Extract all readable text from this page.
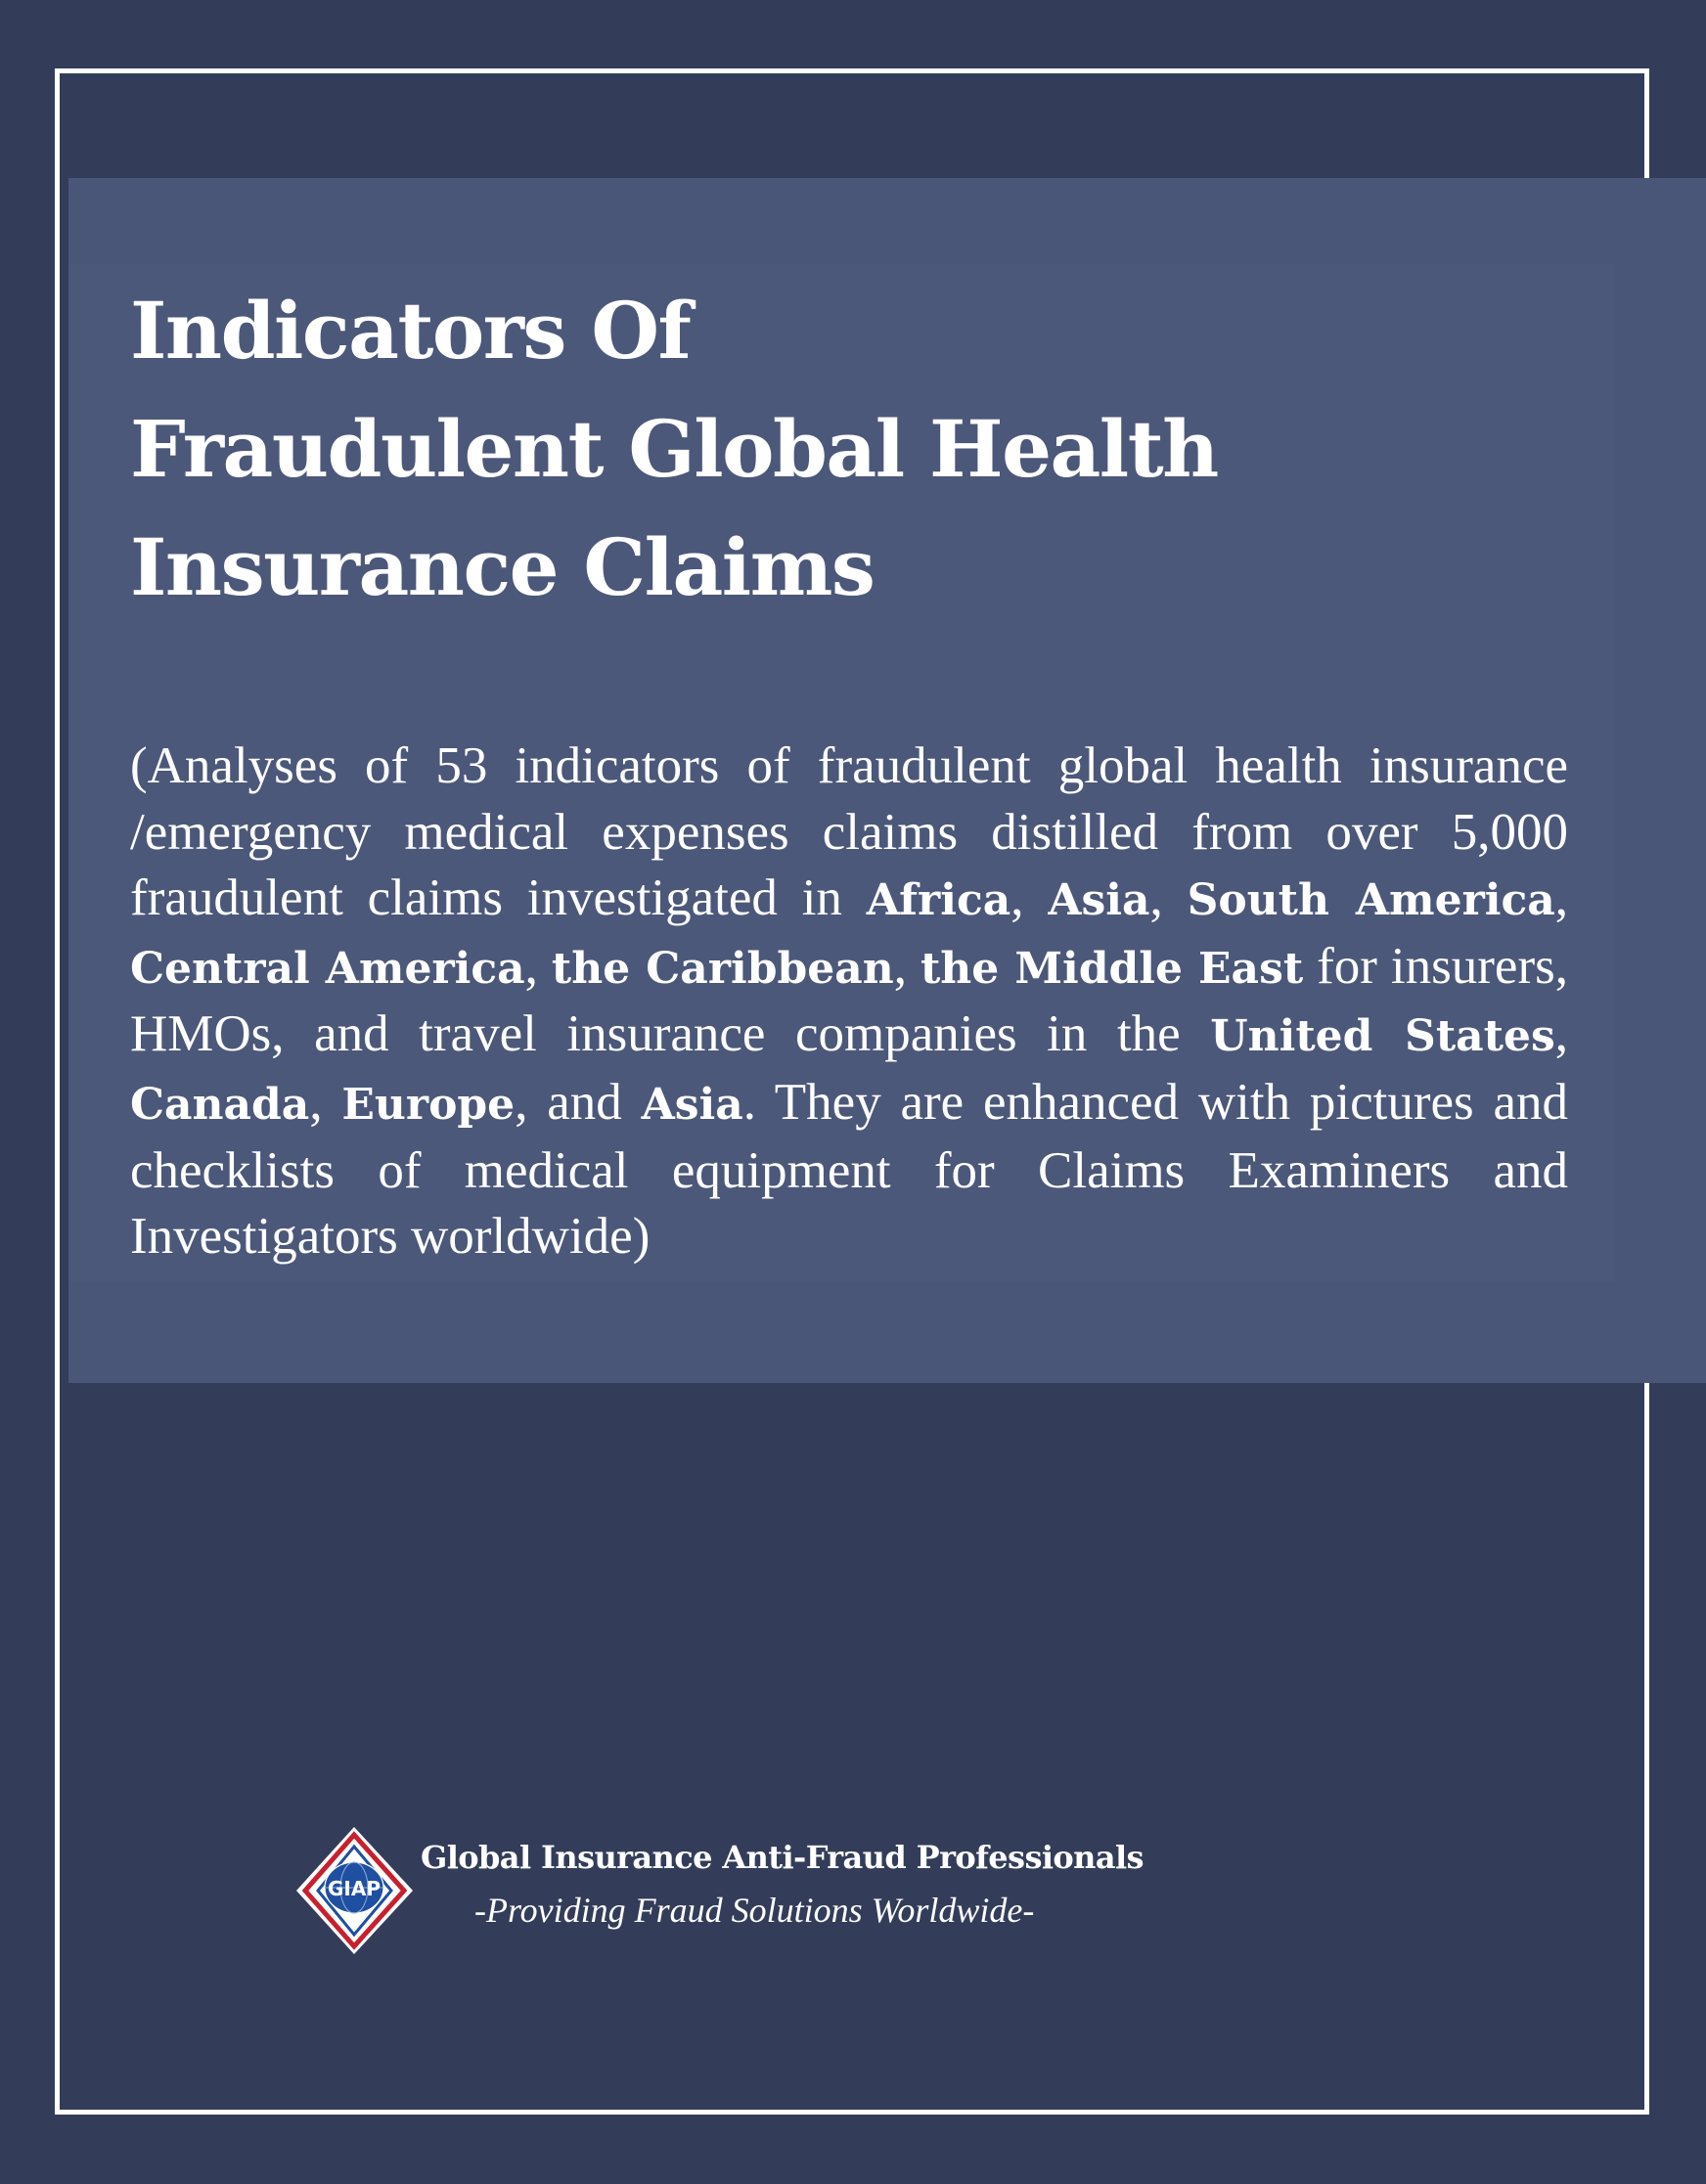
Indicators Of
Fraudulent Global Health
Insurance Claims

(Analyses of 53 indicators of fraudulent global health insurance /emergency medical expenses claims distilled from over 5,000 fraudulent claims investigated in Africa, Asia, South America, Central America, the Caribbean, the Middle East for insurers, HMOs, and travel insurance companies in the United States, Canada, Europe, and Asia. They are enhanced with pictures and checklists of medical equipment for Claims Examiners and Investigators worldwide)

GIAP

Global Insurance Anti-Fraud Professionals

-Providing Fraud Solutions Worldwide-
